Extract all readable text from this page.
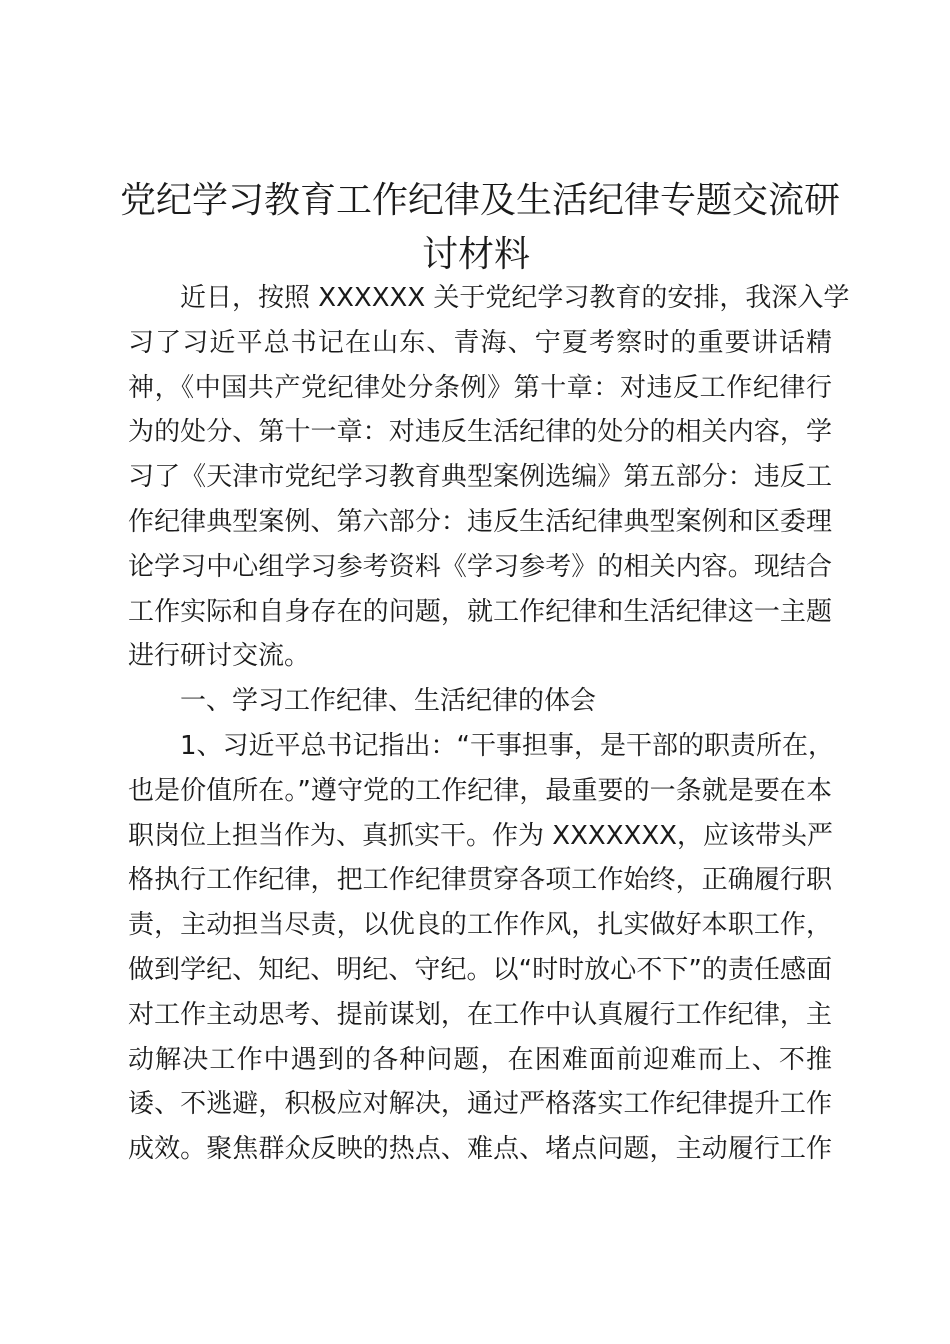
党纪学习教育工作纪律及生活纪律专题交流研
讨材料
近日，按照 XXXXXX 关于党纪学习教育的安排，我深入学
习了习近平总书记在山东、青海、宁夏考察时的重要讲话精
神，《中国共产党纪律处分条例》第十章：对违反工作纪律行
为的处分、第十一章：对违反生活纪律的处分的相关内容，学
习了《天津市党纪学习教育典型案例选编》第五部分：违反工
作纪律典型案例、第六部分：违反生活纪律典型案例和区委理
论学习中心组学习参考资料《学习参考》的相关内容。现结合
工作实际和自身存在的问题，就工作纪律和生活纪律这一主题
进行研讨交流。
一、学习工作纪律、生活纪律的体会
1、习近平总书记指出：“干事担事，是干部的职责所在，
也是价值所在。”遵守党的工作纪律，最重要的一条就是要在本
职岗位上担当作为、真抓实干。作为 XXXXXXX，应该带头严
格执行工作纪律，把工作纪律贯穿各项工作始终，正确履行职
责，主动担当尽责，以优良的工作作风，扎实做好本职工作，
做到学纪、知纪、明纪、守纪。以“时时放心不下”的责任感面
对工作主动思考、提前谋划，在工作中认真履行工作纪律，主
动解决工作中遇到的各种问题，在困难面前迎难而上、不推
诿、不逃避，积极应对解决，通过严格落实工作纪律提升工作
成效。聚焦群众反映的热点、难点、堵点问题，主动履行工作
